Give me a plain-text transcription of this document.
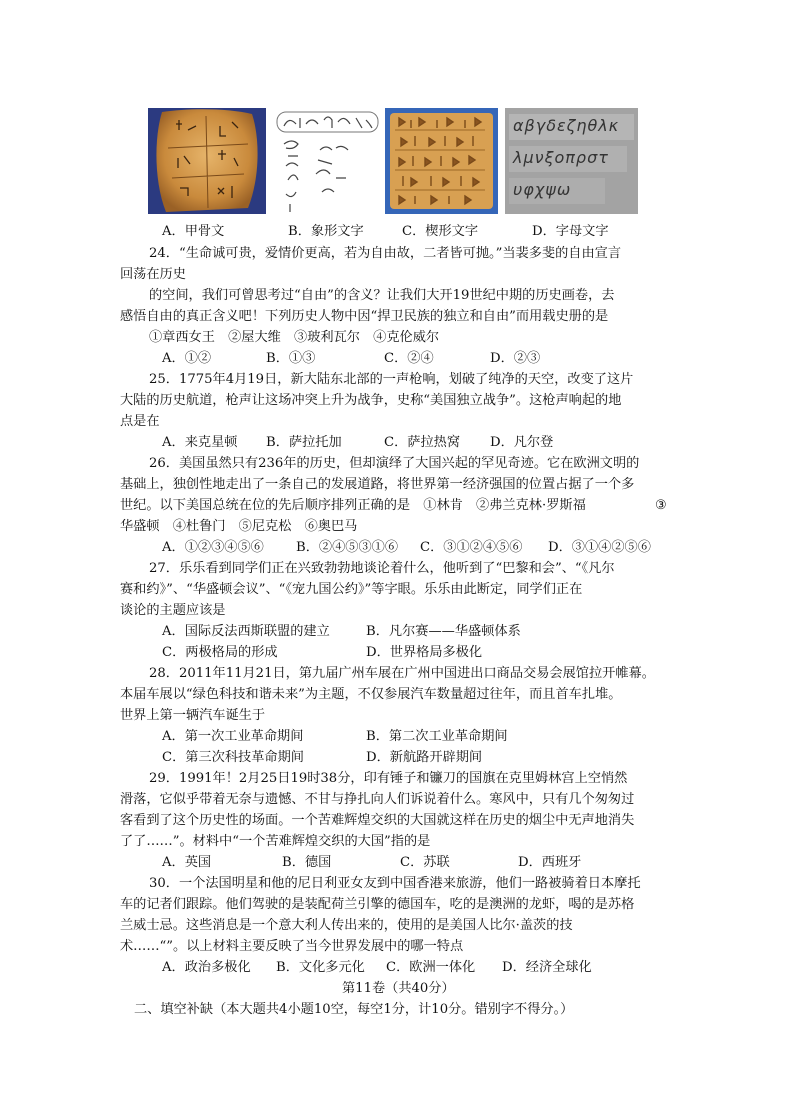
αβγδεζηθλκ
λμνξοπρστ
υφχψω
A．甲骨文	B．象形文字	C．楔形文字	D．字母文字
24．“生命诚可贵，爱情价更高，若为自由故，二者皆可抛。”当裴多斐的自由宣言
回荡在历史
的空间，我们可曾思考过“自由”的含义？让我们大开19世纪中期的历史画卷，去
感悟自由的真正含义吧！下列历史人物中因“捍卫民族的独立和自由”而用载史册的是
①章西女王　②屋大维　③玻利瓦尔　④克伦威尔
A．①②	B．①③	C．②④	D．②③
25．1775年4月19日，新大陆东北部的一声枪响，划破了纯净的天空，改变了这片
大陆的历史航道，枪声让这场冲突上升为战争，史称“美国独立战争”。这枪声响起的地
点是在
A．来克星顿 B．萨拉托加	C．萨拉热窝 D．凡尔登
26．美国虽然只有236年的历史，但却演绎了大国兴起的罕见奇迹。它在欧洲文明的
基础上，独创性地走出了一条自己的发展道路，将世界第一经济强国的位置占据了一个多
世纪。以下美国总统在位的先后顺序排列正确的是　①林肯　②弗兰克林·罗斯福	③
华盛顿　④杜鲁门　⑤尼克松　⑥奥巴马
A．①②③④⑤⑥ B．②④⑤③①⑥ C．③①②④⑤⑥ D．③①④②⑤⑥
27．乐乐看到同学们正在兴致勃勃地谈论着什么，他听到了“巴黎和会”、“《凡尔
赛和约》”、“华盛顿会议”、“《宠九国公约》”等字眼。乐乐由此断定，同学们正在
谈论的主题应该是
A．国际反法西斯联盟的建立	B．凡尔赛——华盛顿体系
C．两极格局的形成	D．世界格局多极化
28．2011年11月21日，第九届广州车展在广州中国进出口商品交易会展馆拉开帷幕。
本届车展以“绿色科技和谐未来”为主题，不仅参展汽车数量超过往年，而且首车扎堆。
世界上第一辆汽车诞生于
A．第一次工业革命期间	B．第二次工业革命期间
C．第三次科技革命期间	D．新航路开辟期间
29．1991年！2月25日19时38分，印有锤子和镰刀的国旗在克里姆林宫上空悄然
滑落，它似乎带着无奈与遗憾、不甘与挣扎向人们诉说着什么。寒风中，只有几个匆匆过
客看到了这个历史性的场面。一个苦难辉煌交织的大国就这样在历史的烟尘中无声地消失
了了……”。材料中“一个苦难辉煌交织的大国”指的是
A．英国	B．德国	C．苏联	D．西班牙
30．一个法国明星和他的尼日利亚女友到中国香港来旅游，他们一路被骑着日本摩托
车的记者们跟踪。他们驾驶的是装配荷兰引擎的德国车，吃的是澳洲的龙虾，喝的是苏格
兰威士忌。这些消息是一个意大利人传出来的，使用的是美国人比尔·盖茨的技
术……“”。以上材料主要反映了当今世界发展中的哪一特点
A．政治多极化 B．文化多元化 C．欧洲一体化 D．经济全球化
第11卷（共40分）
二、填空补缺（本大题共4小题10空，每空1分，计10分。错别字不得分。）
